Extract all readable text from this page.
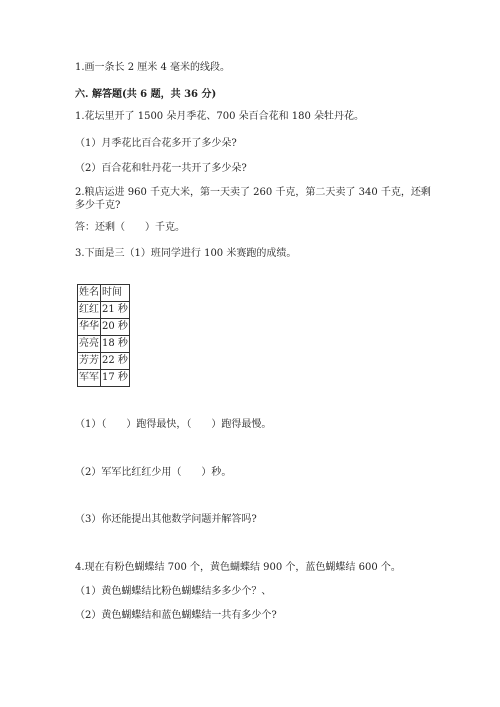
1.画一条长 2 厘米 4 毫米的线段。
六. 解答题(共 6 题，共 36 分)
1.花坛里开了 1500 朵月季花、700 朵百合花和 180 朵牡丹花。
（1）月季花比百合花多开了多少朵?
（2）百合花和牡丹花一共开了多少朵?
2.粮店运进 960 千克大米，第一天卖了 260 千克，第二天卖了 340 千克，还剩
多少千克?
答：还剩（　　）千克。
3.下面是三（1）班同学进行 100 米赛跑的成绩。
姓名	时间
红红	21 秒
华华	20 秒
亮亮	18 秒
芳芳	22 秒
军军	17 秒
（1）（　　）跑得最快，（　　）跑得最慢。
（2）军军比红红少用（　　）秒。
（3）你还能提出其他数学问题并解答吗?
4.现在有粉色蝴蝶结 700 个，黄色蝴蝶结 900 个，蓝色蝴蝶结 600 个。
（1）黄色蝴蝶结比粉色蝴蝶结多多少个？、
（2）黄色蝴蝶结和蓝色蝴蝶结一共有多少个?
